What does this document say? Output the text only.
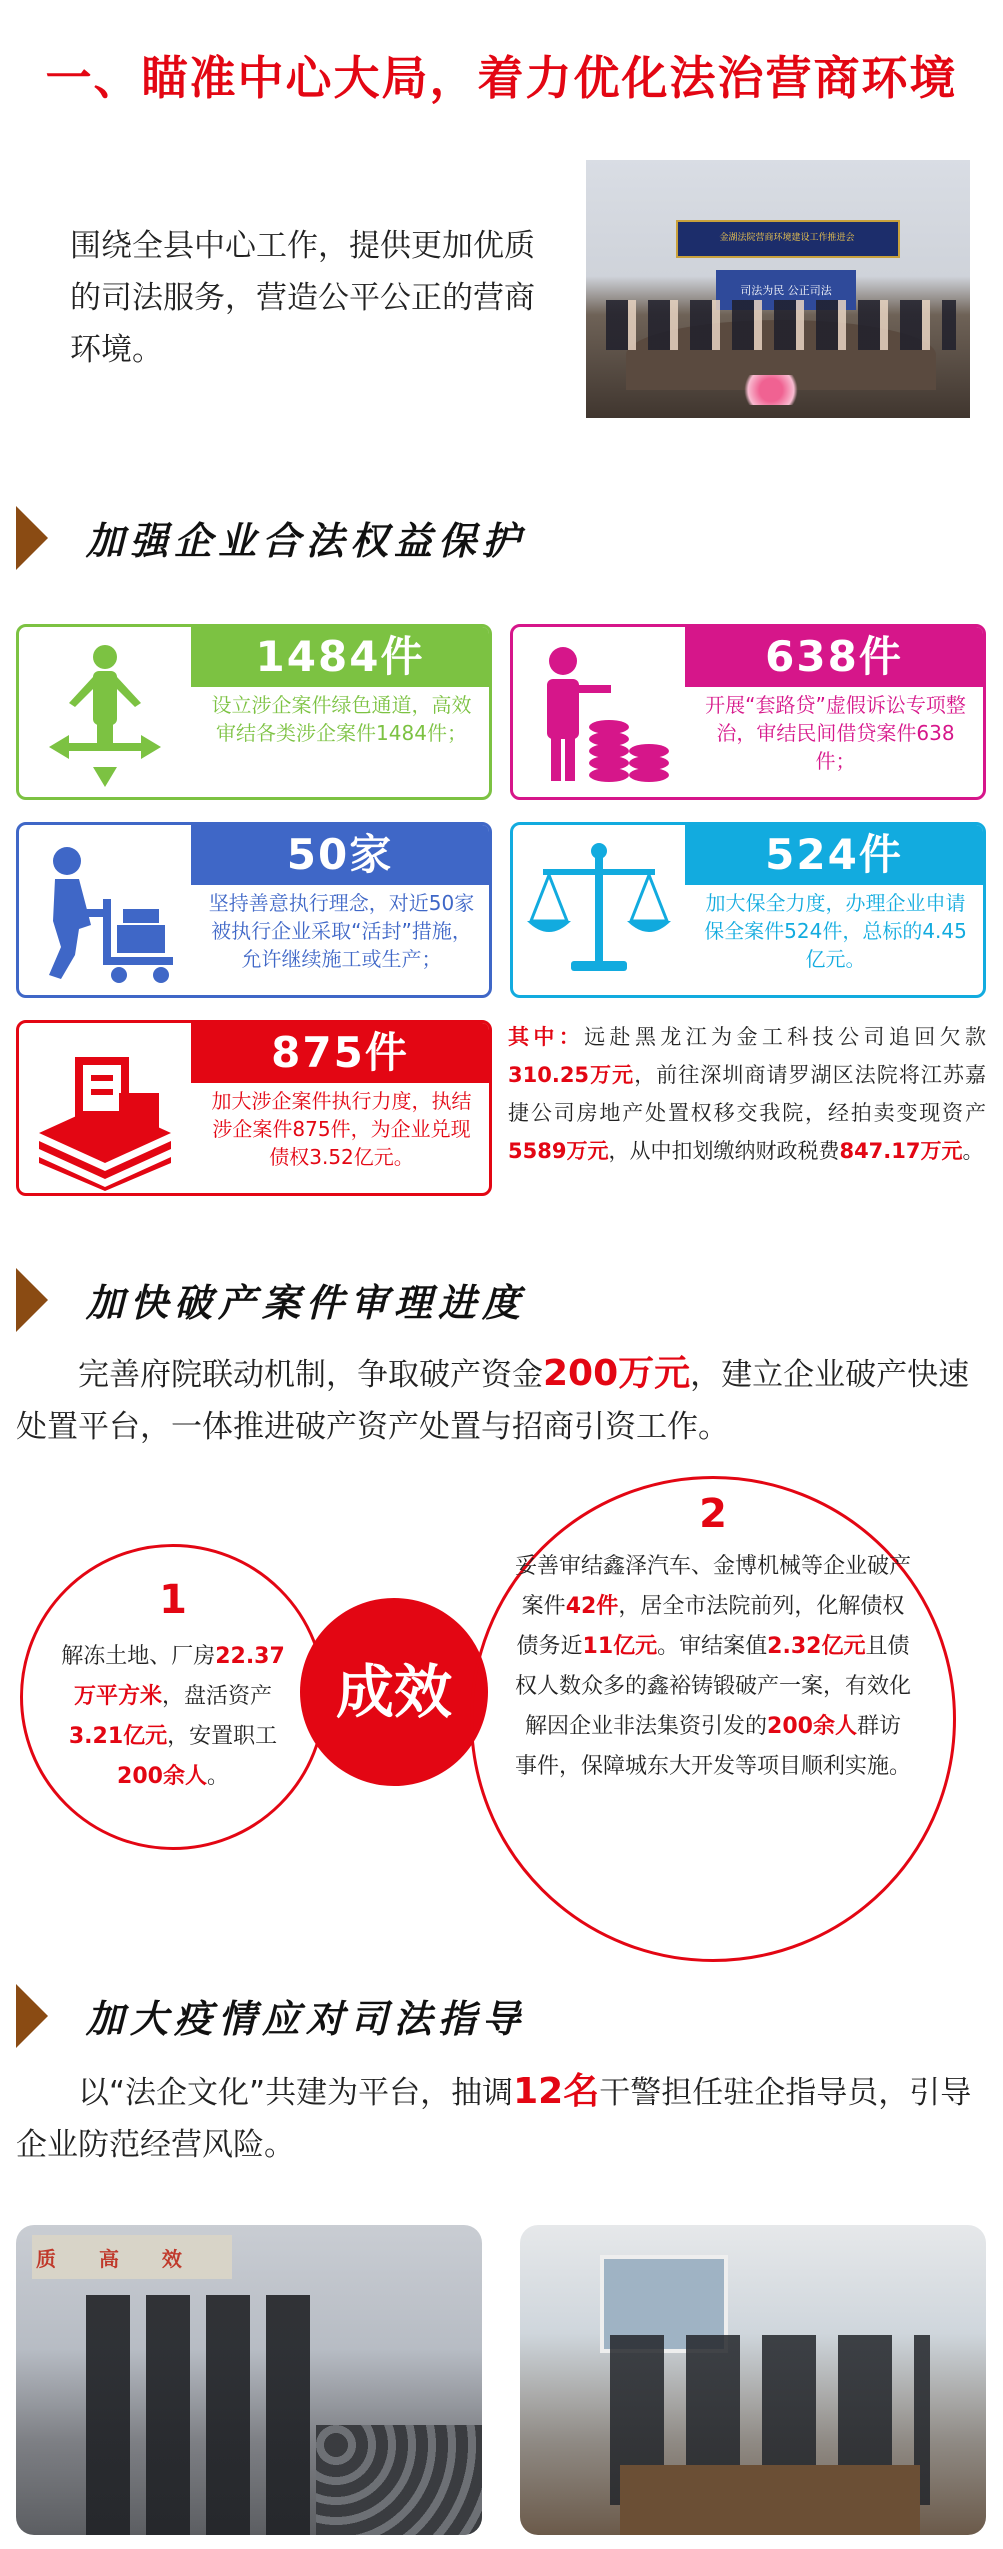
一、瞄准中心大局，着力优化法治营商环境
围绕全县中心工作，提供更加优质的司法服务，营造公平公正的营商环境。
金湖法院营商环境建设工作推进会
司法为民 公正司法
加强企业合法权益保护
1484件
设立涉企案件绿色通道，高效审结各类涉企案件1484件；
638件
开展“套路贷”虚假诉讼专项整治，审结民间借贷案件638件；
50家
坚持善意执行理念，对近50家被执行企业采取“活封”措施，允许继续施工或生产；
524件
加大保全力度，办理企业申请保全案件524件，总标的4.45亿元。
875件
加大涉企案件执行力度，执结涉企案件875件，为企业兑现债权3.52亿元。
其中：远赴黑龙江为金工科技公司追回欠款310.25万元，前往深圳商请罗湖区法院将江苏嘉捷公司房地产处置权移交我院，经拍卖变现资产5589万元，从中扣划缴纳财政税费847.17万元。
加快破产案件审理进度
完善府院联动机制，争取破产资金200万元，建立企业破产快速处置平台，一体推进破产资产处置与招商引资工作。
1
解冻土地、厂房22.37万平方米，盘活资产3.21亿元，安置职工200余人。
成效
2
妥善审结鑫泽汽车、金博机械等企业破产案件42件，居全市法院前列，化解债权债务近11亿元。审结案值2.32亿元且债权人数众多的鑫裕铸锻破产一案，有效化解因企业非法集资引发的200余人群访事件，保障城东大开发等项目顺利实施。
加大疫情应对司法指导
以“法企文化”共建为平台，抽调12名干警担任驻企指导员，引导企业防范经营风险。
质 高 效
